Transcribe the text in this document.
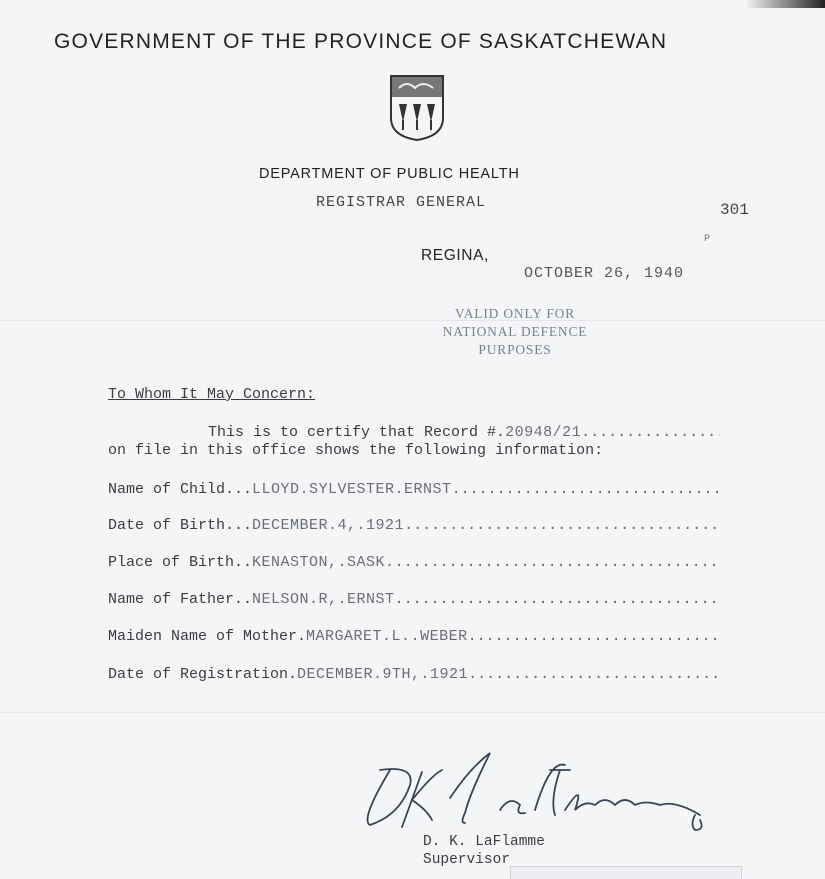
GOVERNMENT OF THE PROVINCE OF SASKATCHEWAN
DEPARTMENT OF PUBLIC HEALTH
REGISTRAR GENERAL	301
P
REGINA,
OCTOBER 26, 1940
VALID ONLY FOR
NATIONAL DEFENCE
PURPOSES
To Whom It May Concern:
This is to certify that Record #. 20948/21
.....
on file in this office shows the following information:
Name of Child... LLOYD.SYLVESTER.ERNST
.....
Date of Birth... DECEMBER.4,.1921
.....
Place of Birth.. KENASTON,.SASK.
.....
Name of Father.. NELSON.R,.ERNST
.....
Maiden Name of Mother. MARGARET.L..WEBER
.....
Date of Registration. DECEMBER.9TH,.1921
.....
D. K. LaFlamme
Supervisor
